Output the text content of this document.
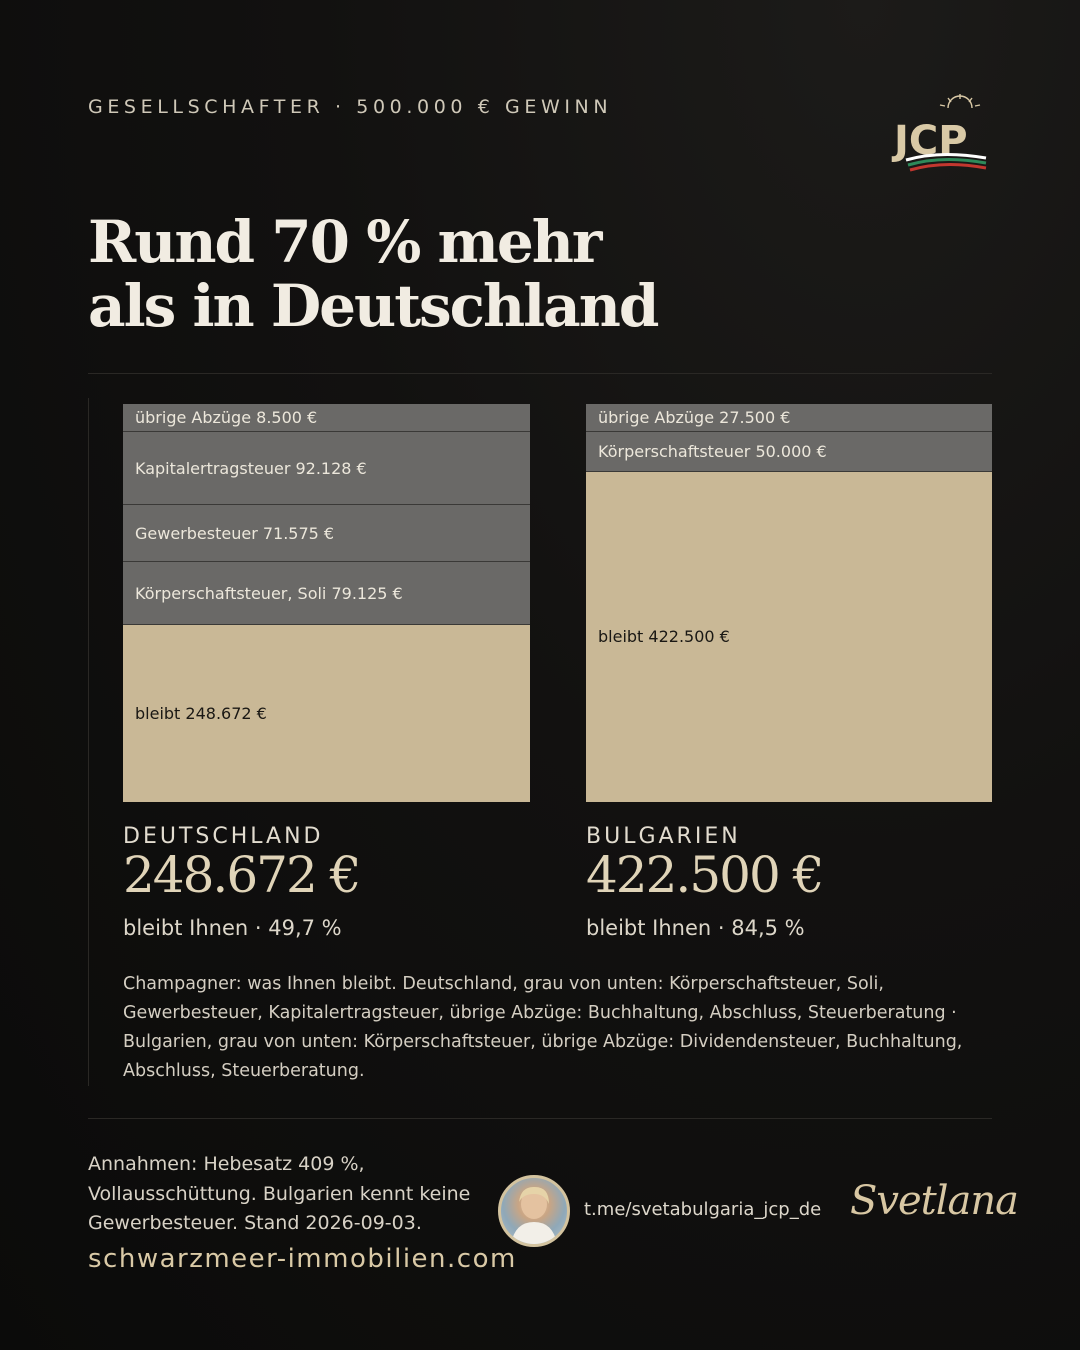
GESELLSCHAFTER · 500.000 € GEWINN
JCP
Rund 70 % mehr
als in Deutschland
übrige Abzüge 8.500 €
Kapitalertragsteuer 92.128 €
Gewerbesteuer 71.575 €
Körperschaftsteuer, Soli 79.125 €
bleibt 248.672 €
übrige Abzüge 27.500 €
Körperschaftsteuer 50.000 €
bleibt 422.500 €
DEUTSCHLAND
248.672 €
bleibt Ihnen · 49,7 %
BULGARIEN
422.500 €
bleibt Ihnen · 84,5 %
Champagner: was Ihnen bleibt. Deutschland, grau von unten: Körperschaftsteuer, Soli, Gewerbesteuer, Kapitalertragsteuer, übrige Abzüge: Buchhaltung, Abschluss, Steuerberatung · Bulgarien, grau von unten: Körperschaftsteuer, übrige Abzüge: Dividendensteuer, Buchhaltung, Abschluss, Steuerberatung.
Annahmen: Hebesatz 409 %, Vollausschüttung. Bulgarien kennt keine Gewerbesteuer. Stand 2026-09-03.
schwarzmeer-immobilien.com
t.me/svetabulgaria_jcp_de Svetlana
